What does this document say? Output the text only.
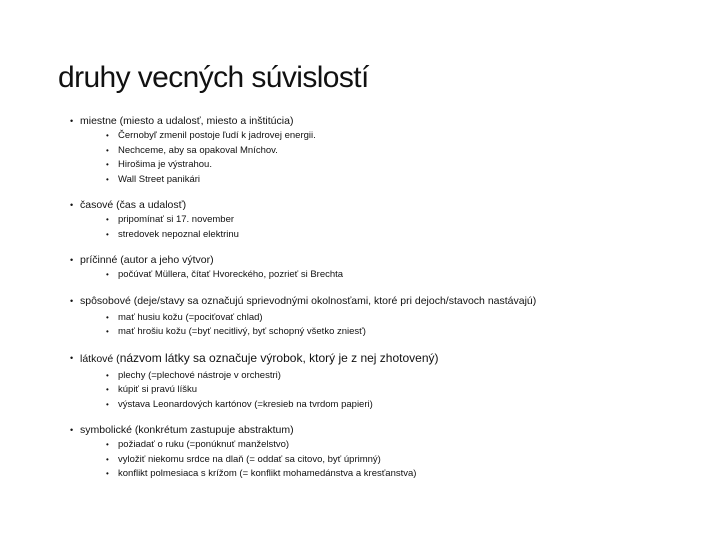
druhy vecných súvislostí
• miestne (miesto a udalosť, miesto a inštitúcia)
• Černobyľ zmenil postoje ľudí k jadrovej energii.
• Nechceme, aby sa opakoval Mníchov.
• Hirošima je výstrahou.
• Wall Street panikári
• časové (čas a udalosť)
• pripomínať si 17. november
• stredovek nepoznal elektrinu
• príčinné (autor a jeho výtvor)
• počúvať Müllera, čítať Hvoreckého, pozrieť si Brechta
• spôsobové (deje/stavy sa označujú sprievodnými okolnosťami, ktoré pri dejoch/stavoch nastávajú)
• mať husiu kožu (=pociťovať chlad)
• mať hrošiu kožu (=byť necitlivý, byť schopný všetko zniesť)
• látkové (názvom látky sa označuje výrobok, ktorý je z nej zhotovený)
• plechy (=plechové nástroje v orchestri)
• kúpiť si pravú líšku
• výstava Leonardových kartónov (=kresieb na tvrdom papieri)
• symbolické (konkrétum zastupuje abstraktum)
• požiadať o ruku (=ponúknuť manželstvo)
• vyložiť niekomu srdce na dlaň (= oddať sa citovo, byť úprimný)
• konflikt polmesiaca s krížom (= konflikt mohamedánstva a kresťanstva)
